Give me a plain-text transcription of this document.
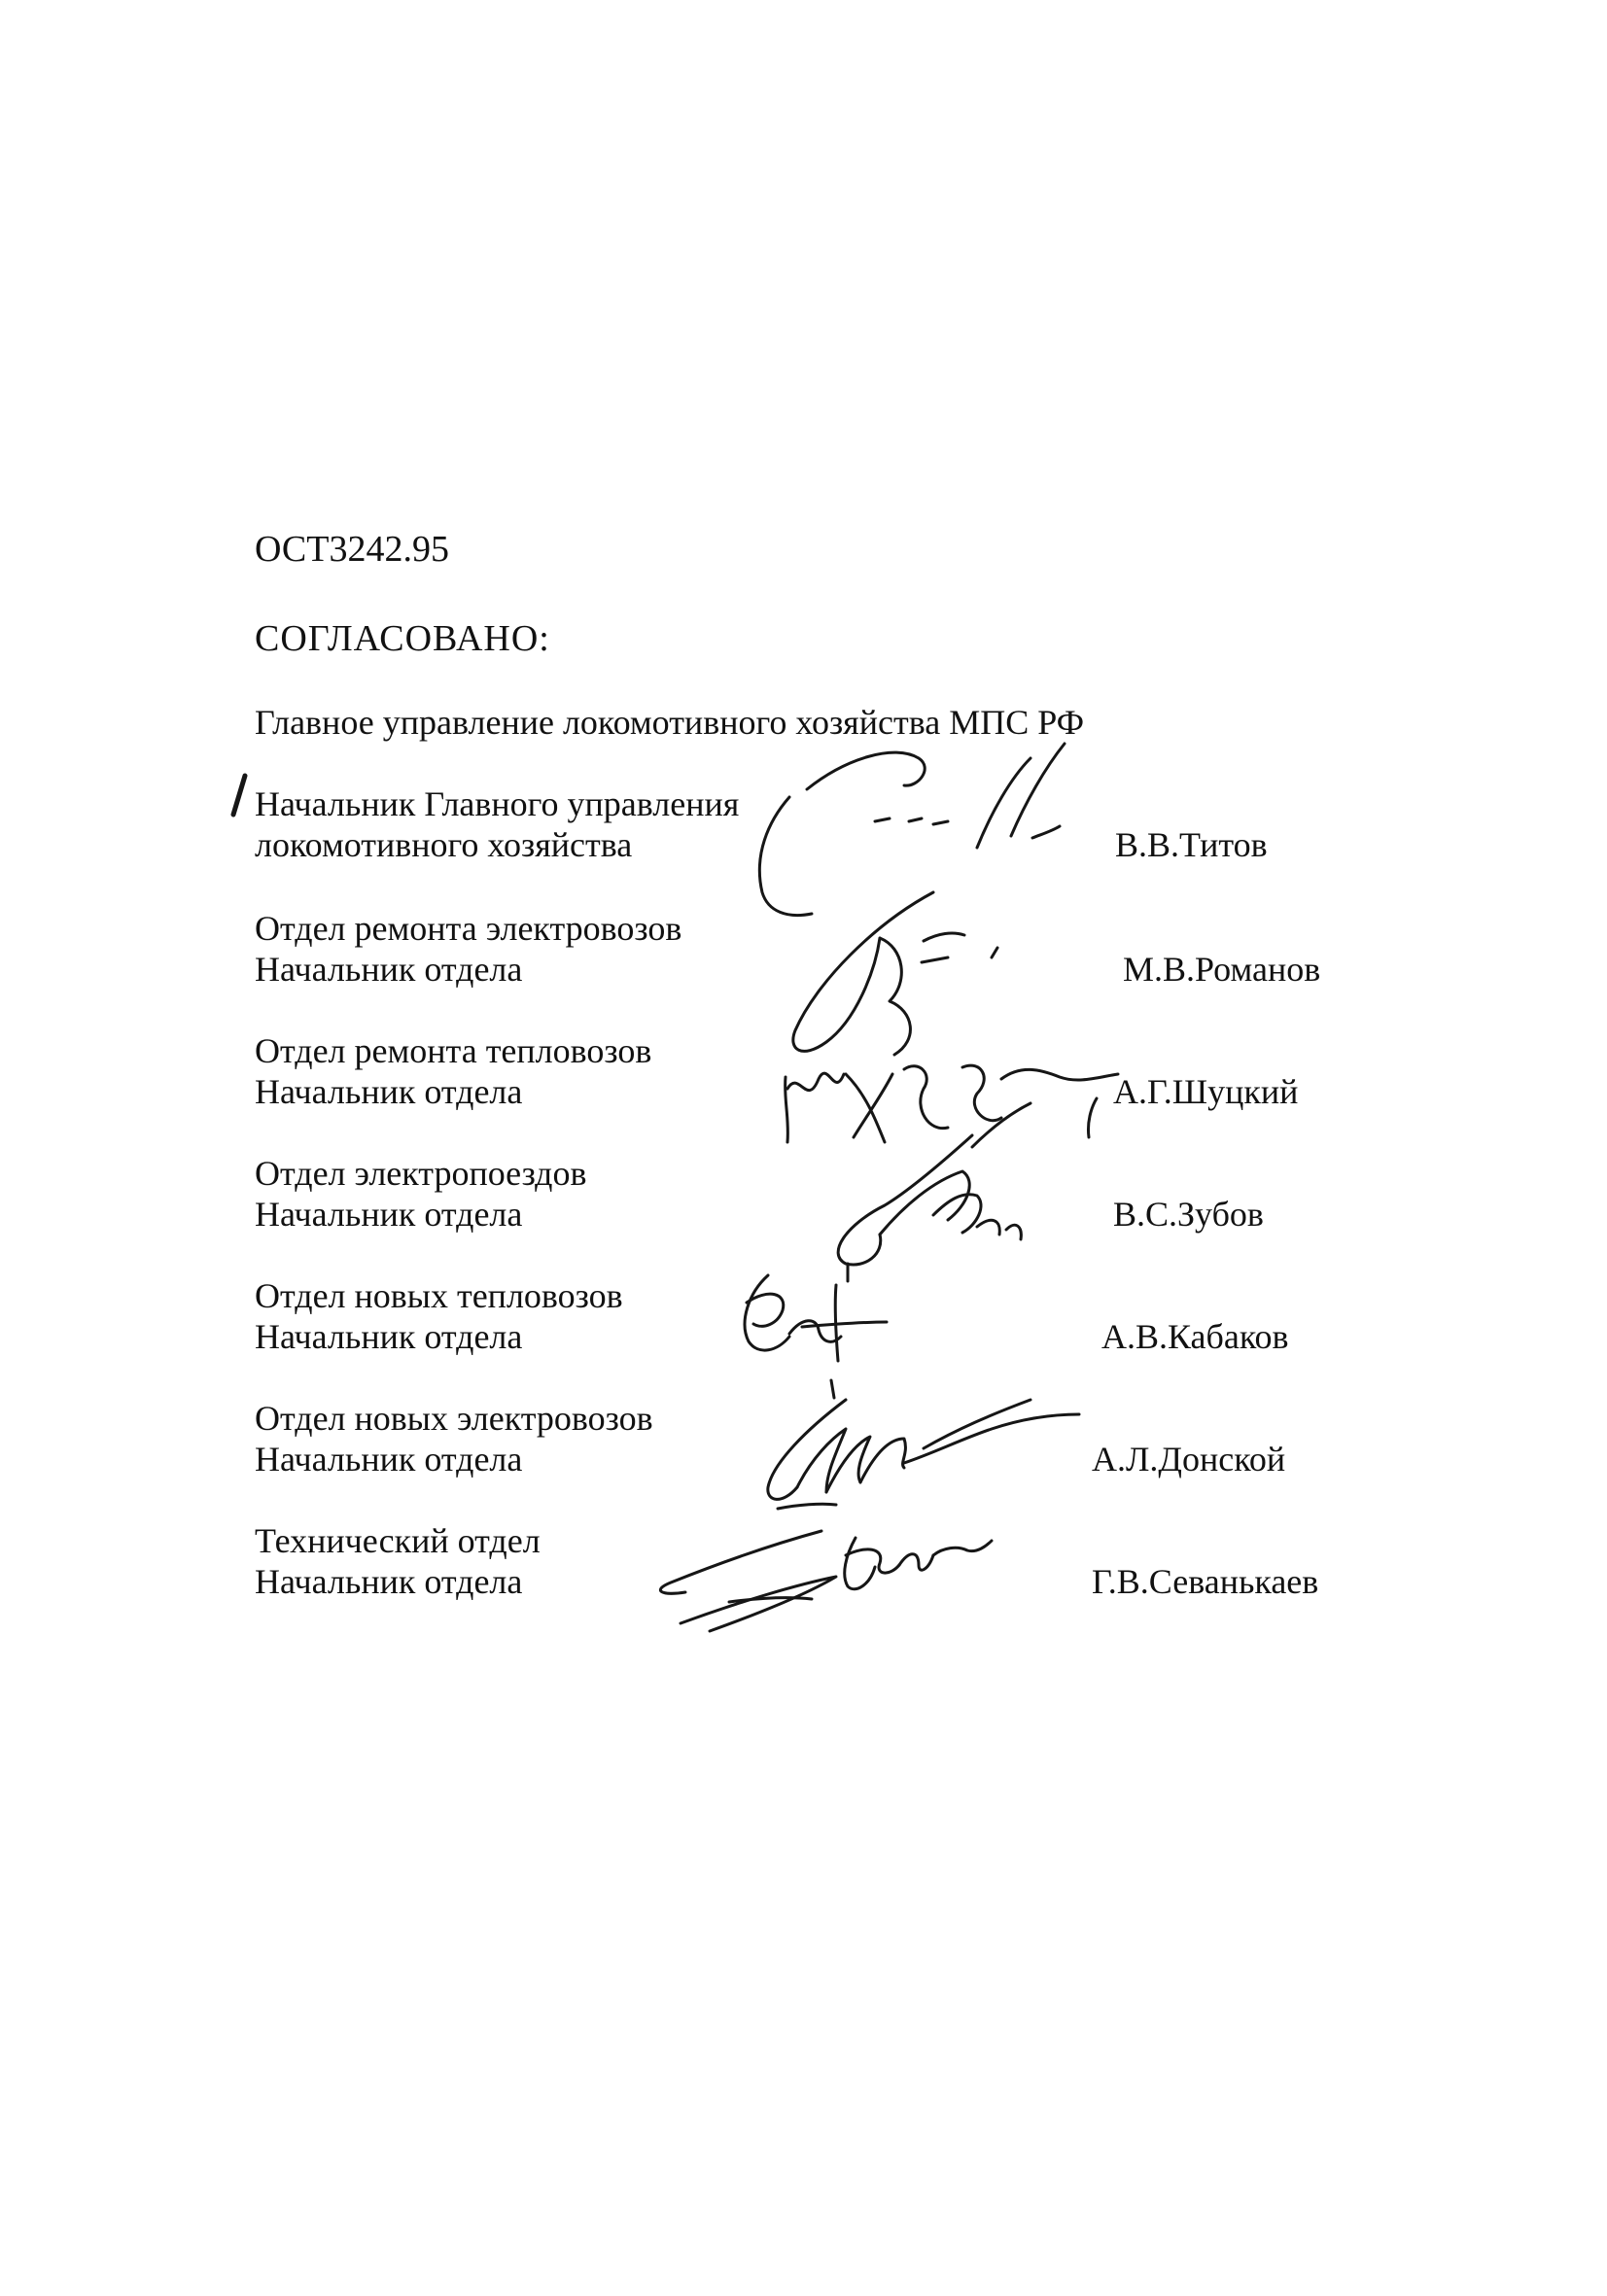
ОСТ3242.95

СОГЛАСОВАНО:

Главное управление локомотивного хозяйства МПС РФ

Начальник Главного управления

локомотивного хозяйства	В.В.Титов

Отдел ремонта электровозов

Начальник отдела	М.В.Романов

Отдел ремонта тепловозов

Начальник отдела	А.Г.Шуцкий

Отдел электропоездов

Начальник отдела	В.С.Зубов

Отдел новых тепловозов

Начальник отдела	А.В.Кабаков

Отдел новых электровозов

Начальник отдела	А.Л.Донской

Технический отдел

Начальник отдела	Г.В.Севанькаев
